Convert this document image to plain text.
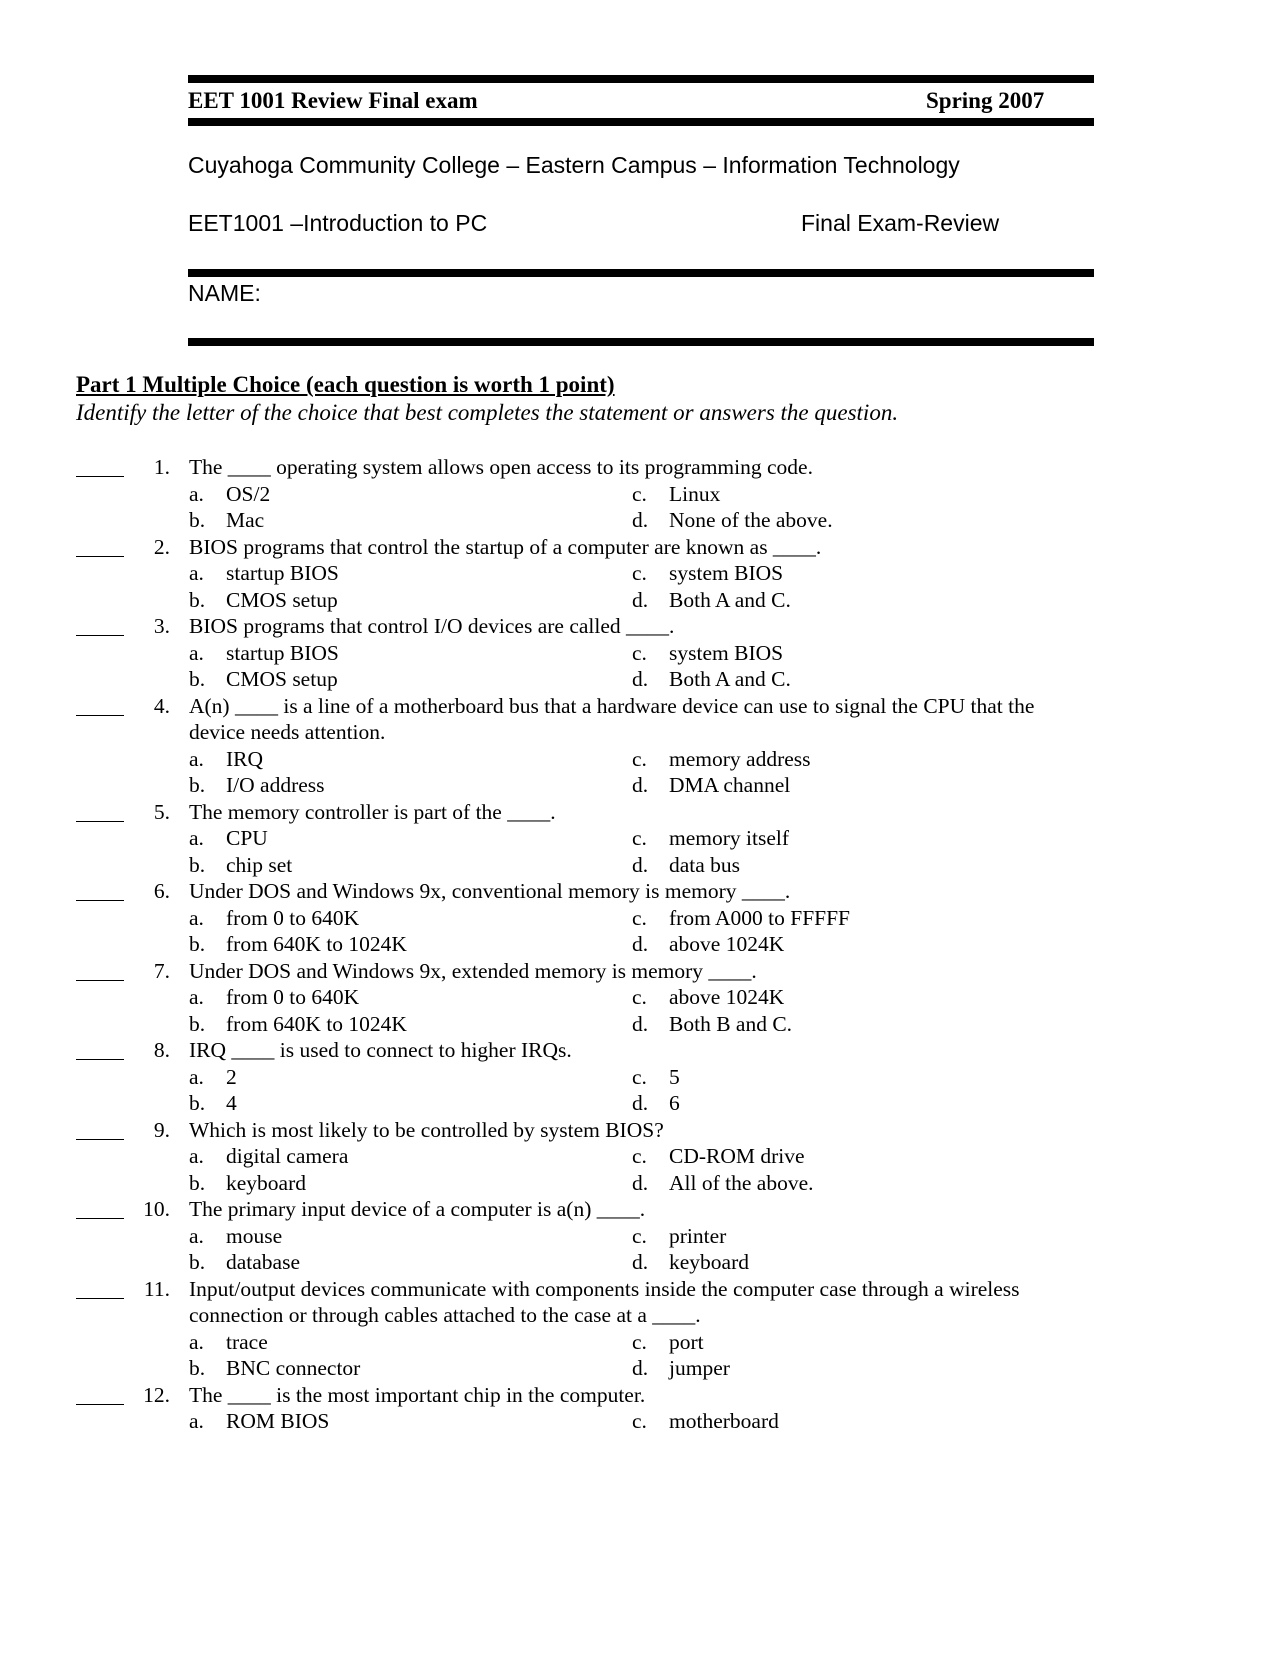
EET 1001 Review Final exam	Spring 2007
Cuyahoga Community College – Eastern Campus – Information Technology
EET1001 –Introduction to PC	Final Exam-Review
NAME:
Part 1 Multiple Choice (each question is worth 1 point)
Identify the letter of the choice that best completes the statement or answers the question.
1. The ____ operating system allows open access to its programming code.
a. OS/2
b. Mac
c. Linux
d. None of the above.
2. BIOS programs that control the startup of a computer are known as ____.
a. startup BIOS
b. CMOS setup
c. system BIOS
d. Both A and C.
3. BIOS programs that control I/O devices are called ____.
a. startup BIOS
b. CMOS setup
c. system BIOS
d. Both A and C.
4. A(n) ____ is a line of a motherboard bus that a hardware device can use to signal the CPU that the device needs attention.
a. IRQ
b. I/O address
c. memory address
d. DMA channel
5. The memory controller is part of the ____.
a. CPU
b. chip set
c. memory itself
d. data bus
6. Under DOS and Windows 9x, conventional memory is memory ____.
a. from 0 to 640K
b. from 640K to 1024K
c. from A000 to FFFFF
d. above 1024K
7. Under DOS and Windows 9x, extended memory is memory ____.
a. from 0 to 640K
b. from 640K to 1024K
c. above 1024K
d. Both B and C.
8. IRQ ____ is used to connect to higher IRQs.
a. 2
b. 4
c. 5
d. 6
9. Which is most likely to be controlled by system BIOS?
a. digital camera
b. keyboard
c. CD-ROM drive
d. All of the above.
10. The primary input device of a computer is a(n) ____.
a. mouse
b. database
c. printer
d. keyboard
11. Input/output devices communicate with components inside the computer case through a wireless connection or through cables attached to the case at a ____.
a. trace
b. BNC connector
c. port
d. jumper
12. The ____ is the most important chip in the computer.
a. ROM BIOS	c. motherboard
